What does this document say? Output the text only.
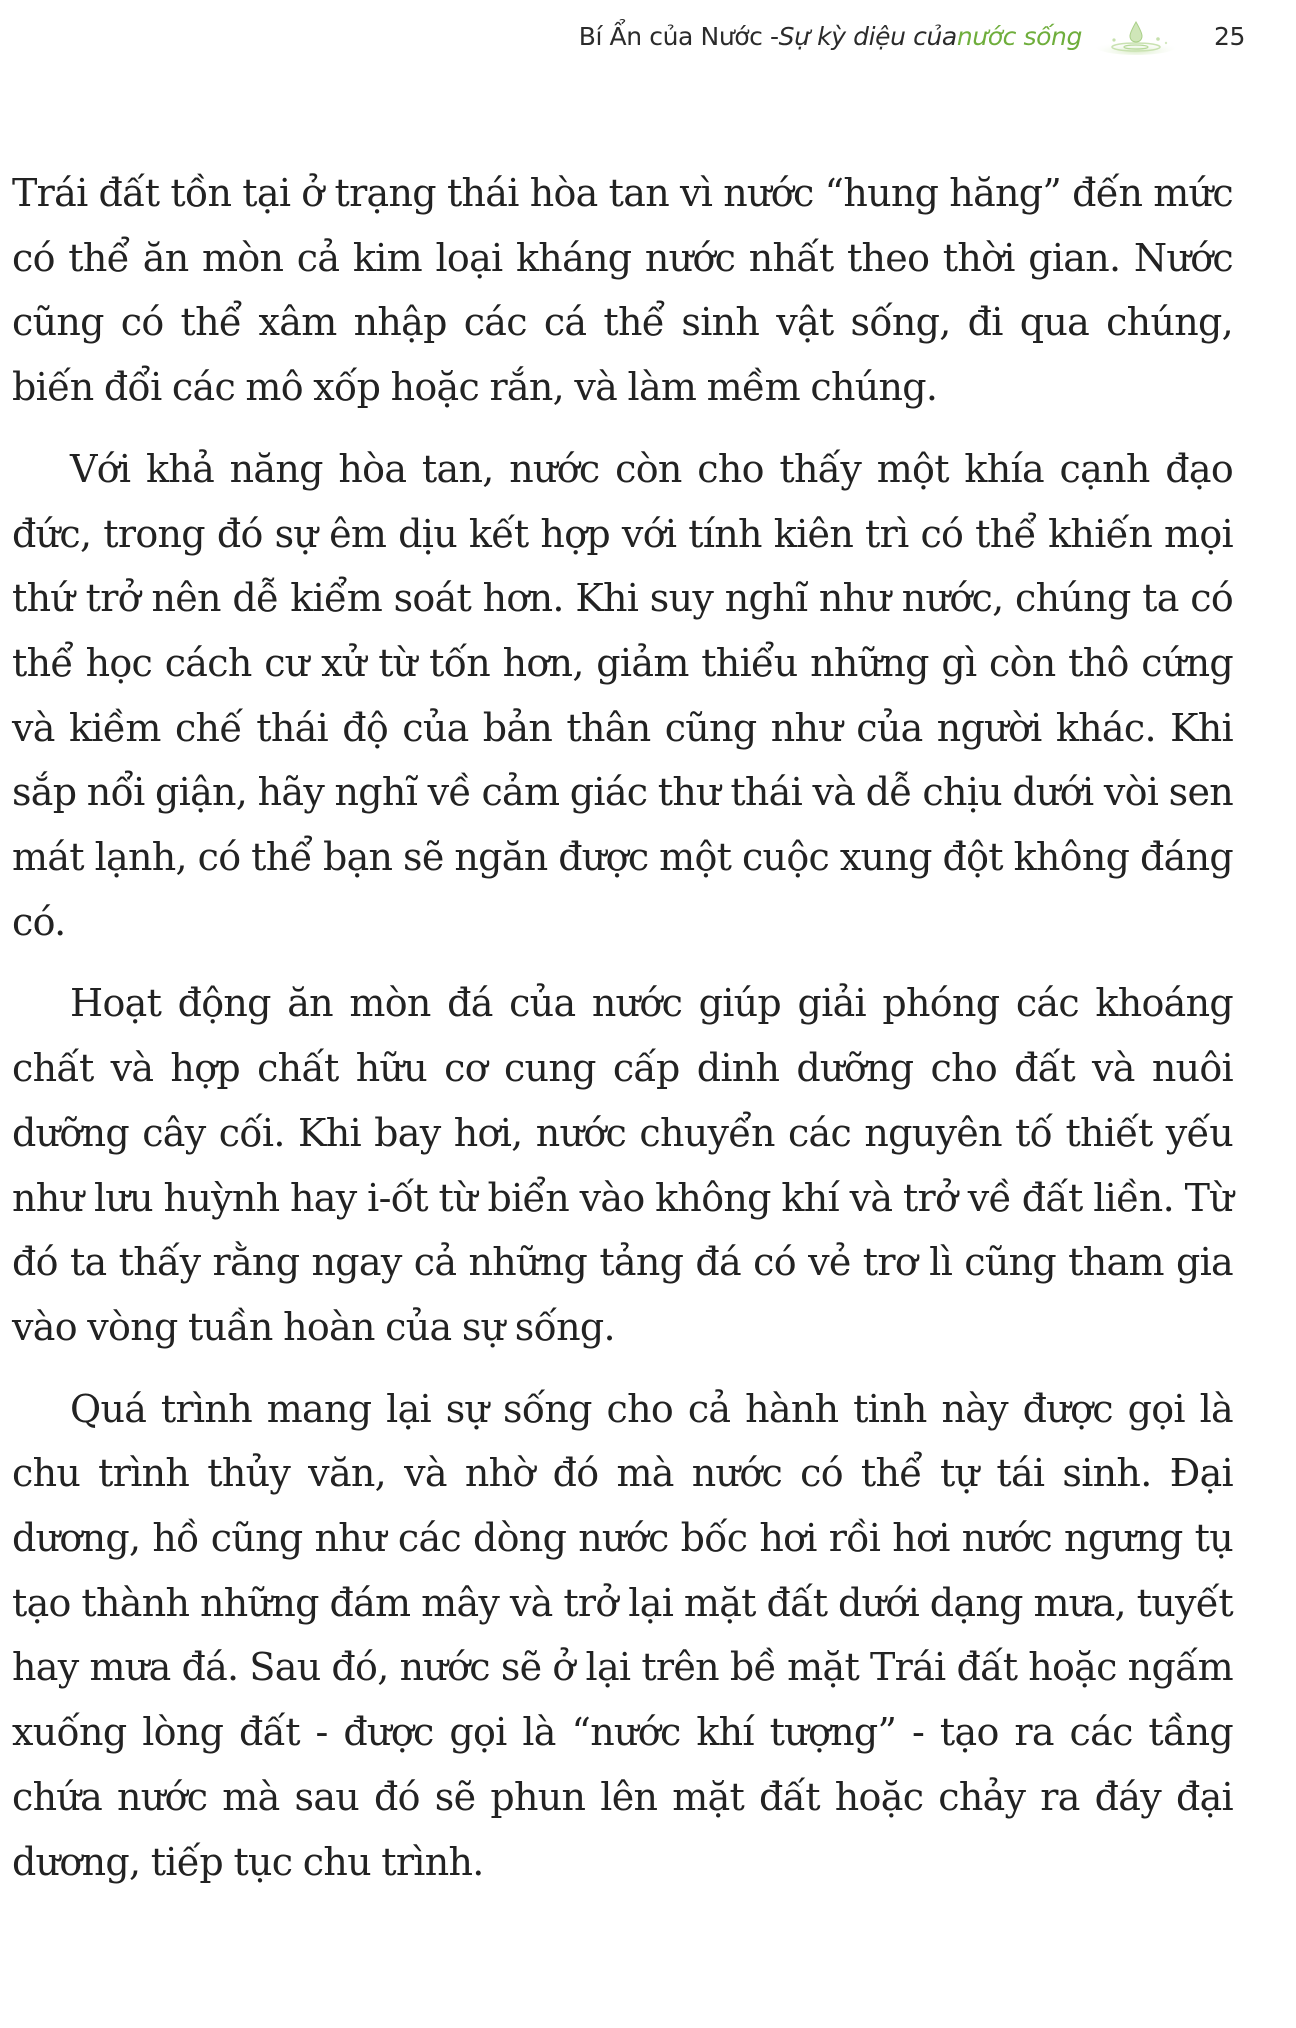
Bí Ẩn của Nước - Sự kỳ diệu của nước sống	25

Trái đất tồn tại ở trạng thái hòa tan vì nước “hung hăng” đến mức có thể ăn mòn cả kim loại kháng nước nhất theo thời gian. Nước cũng có thể xâm nhập các cá thể sinh vật sống, đi qua chúng, biến đổi các mô xốp hoặc rắn, và làm mềm chúng.

Với khả năng hòa tan, nước còn cho thấy một khía cạnh đạo đức, trong đó sự êm dịu kết hợp với tính kiên trì có thể khiến mọi thứ trở nên dễ kiểm soát hơn. Khi suy nghĩ như nước, chúng ta có thể học cách cư xử từ tốn hơn, giảm thiểu những gì còn thô cứng và kiềm chế thái độ của bản thân cũng như của người khác. Khi sắp nổi giận, hãy nghĩ về cảm giác thư thái và dễ chịu dưới vòi sen mát lạnh, có thể bạn sẽ ngăn được một cuộc xung đột không đáng có.

Hoạt động ăn mòn đá của nước giúp giải phóng các khoáng chất và hợp chất hữu cơ cung cấp dinh dưỡng cho đất và nuôi dưỡng cây cối. Khi bay hơi, nước chuyển các nguyên tố thiết yếu như lưu huỳnh hay i-ốt từ biển vào không khí và trở về đất liền. Từ đó ta thấy rằng ngay cả những tảng đá có vẻ trơ lì cũng tham gia vào vòng tuần hoàn của sự sống.

Quá trình mang lại sự sống cho cả hành tinh này được gọi là chu trình thủy văn, và nhờ đó mà nước có thể tự tái sinh. Đại dương, hồ cũng như các dòng nước bốc hơi rồi hơi nước ngưng tụ tạo thành những đám mây và trở lại mặt đất dưới dạng mưa, tuyết hay mưa đá. Sau đó, nước sẽ ở lại trên bề mặt Trái đất hoặc ngấm xuống lòng đất - được gọi là “nước khí tượng” - tạo ra các tầng chứa nước mà sau đó sẽ phun lên mặt đất hoặc chảy ra đáy đại dương, tiếp tục chu trình.
